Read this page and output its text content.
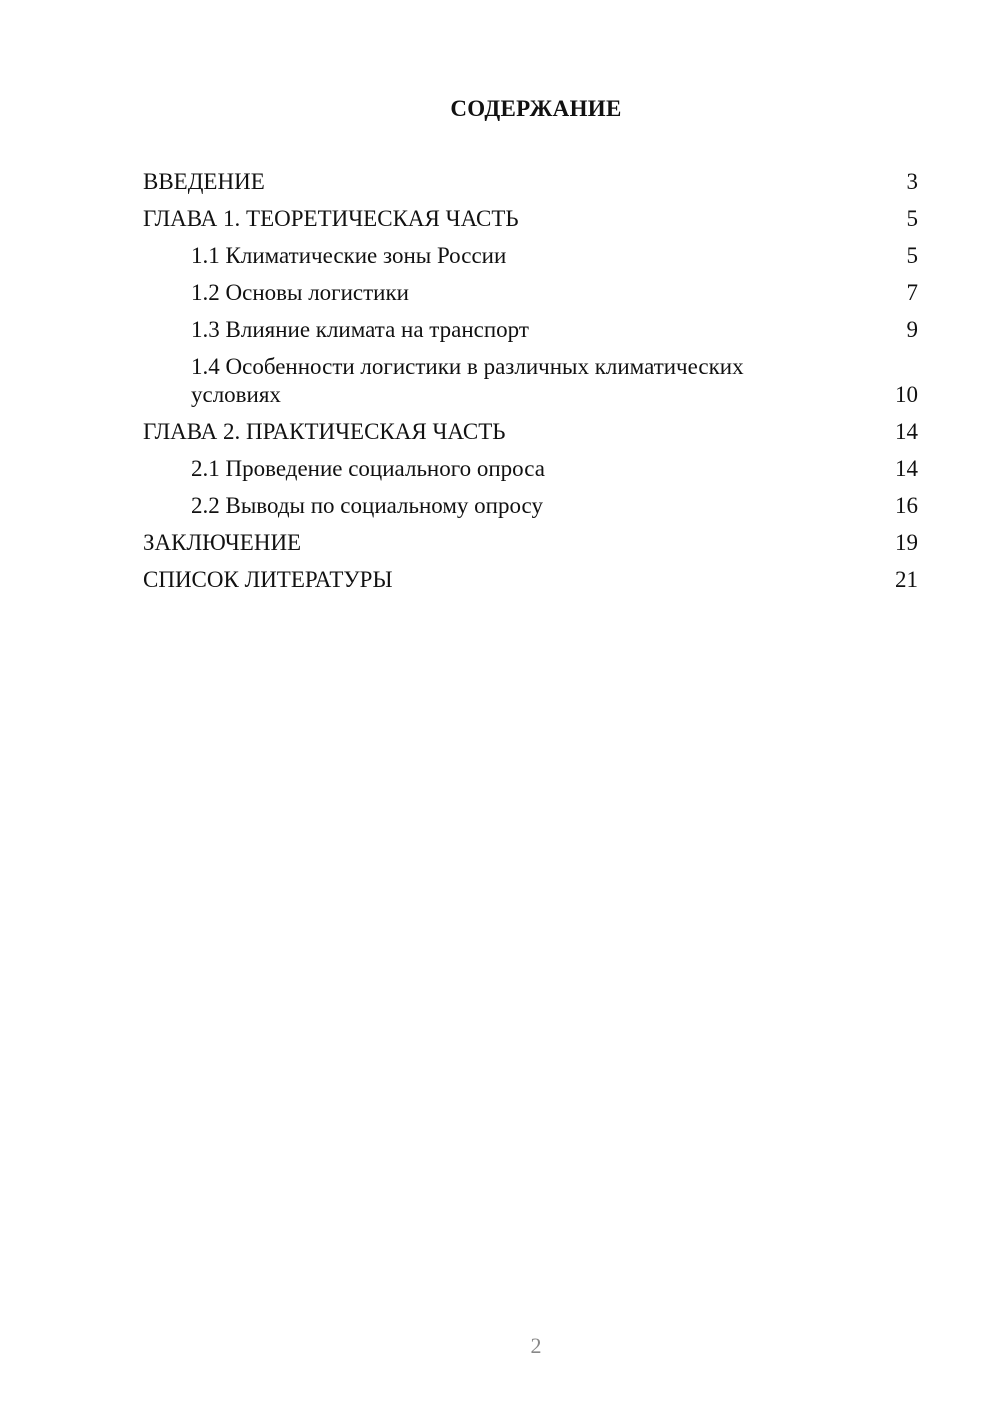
СОДЕРЖАНИЕ
ВВЕДЕНИЕ	3
ГЛАВА 1. ТЕОРЕТИЧЕСКАЯ ЧАСТЬ	5
1.1 Климатические зоны России	5
1.2 Основы логистики	7
1.3 Влияние климата на транспорт	9
1.4 Особенности логистики в различных климатических условиях	10
ГЛАВА 2. ПРАКТИЧЕСКАЯ ЧАСТЬ	14
2.1 Проведение социального опроса	14
2.2 Выводы по социальному опросу	16
ЗАКЛЮЧЕНИЕ	19
СПИСОК ЛИТЕРАТУРЫ	21
2
